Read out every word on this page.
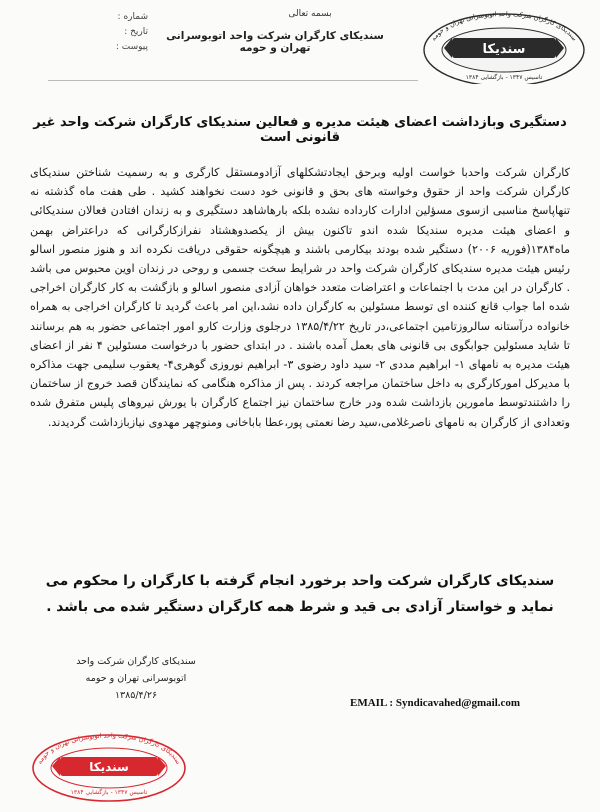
سندیکای کارگران شرکت واحد اتوبوسرانی تهران و حومه
سندیکا
تاسیس ۱۳۴۷ - بازگشایی ۱۳۸۴
بسمه تعالی
سندیکای کارگران شرکت واحد اتوبوسرانی تهران و حومه
شماره :
تاریخ :
پیوست :
دستگیری وبازداشت اعضای هیئت مدیره و فعالین سندیکای کارگران شرکت واحد غیر قانونی است
کارگران شرکت واحدبا خواست اولیه وبرحق ایجادتشکلهای آزادومستقل کارگری و به رسمیت شناختن سندیکای کارگران شرکت واحد از حقوق وخواسته های بحق و قانونی خود دست نخواهند کشید . طی هفت ماه گذشته نه تنهاپاسخ مناسبی ازسوی مسؤلین ادارات کارداده نشده بلکه بارهاشاهد دستگیری و به زندان افتادن فعالان سندیکائی و اعضای هیئت مدیره سندیکا شده اندو تاکنون بیش از یکصدوهشتاد نفرازکارگرانی که دراعتراض بهمن ماه۱۳۸۴(فوریه ۲۰۰۶) دستگیر شده بودند بیکارمی باشند و هیچگونه حقوقی دریافت نکرده اند و هنوز منصور اسالو رئیس هیئت مدیره سندیکای کارگران شرکت واحد در شرایط سخت جسمی و روحی در زندان اوین محبوس می باشد . کارگران در این مدت با اجتماعات و اعتراضات متعدد خواهان آزادی منصور اسالو و بازگشت به کار کارگران اخراجی شده اما جواب قانع کننده ای توسط مسئولین به کارگران داده نشد،این امر باعث گردید تا کارگران اخراجی به همراه خانواده درآستانه سالروزتامین اجتماعی،در تاریخ ۱۳۸۵/۴/۲۲ درجلوی وزارت کارو امور اجتماعی حضور به هم برسانند تا شاید مسئولین جوابگوی بی قانونی های بعمل آمده باشند . در ابتدای حضور با درخواست مسئولین ۴ نفر از اعضای هیئت مدیره به نامهای ۱- ابراهیم مددی ۲- سید داود رضوی ۳- ابراهیم نوروزی گوهری۴- یعقوب سلیمی جهت مذاکره با مدیرکل امورکارگری به داخل ساختمان مراجعه کردند . پس از مذاکره هنگامی که نمایندگان قصد خروج از ساختمان را داشتندتوسط مامورین بازداشت شده ودر خارج ساختمان نیز اجتماع کارگران با یورش نیروهای پلیس متفرق شده وتعدادی از کارگران به نامهای ناصرغلامی،سید رضا نعمتی پور،عطا باباخانی ومنوچهر مهدوی نیازبازداشت گردیدند.
سندیکای کارگران شرکت واحد برخورد انجام گرفته با کارگران را محکوم می نماید و خواستار آزادی بی قید و شرط همه کارگران دستگیر شده می باشد .
سندیکای کارگران شرکت واحد
اتوبوسرانی تهران و حومه
۱۳۸۵/۴/۲۶
EMAIL : Syndicavahed@gmail.com
سندیکای کارگران شرکت واحد اتوبوسرانی تهران و حومه
سندیکا
تاسیس ۱۳۴۷ - بازگشایی ۱۳۸۴
